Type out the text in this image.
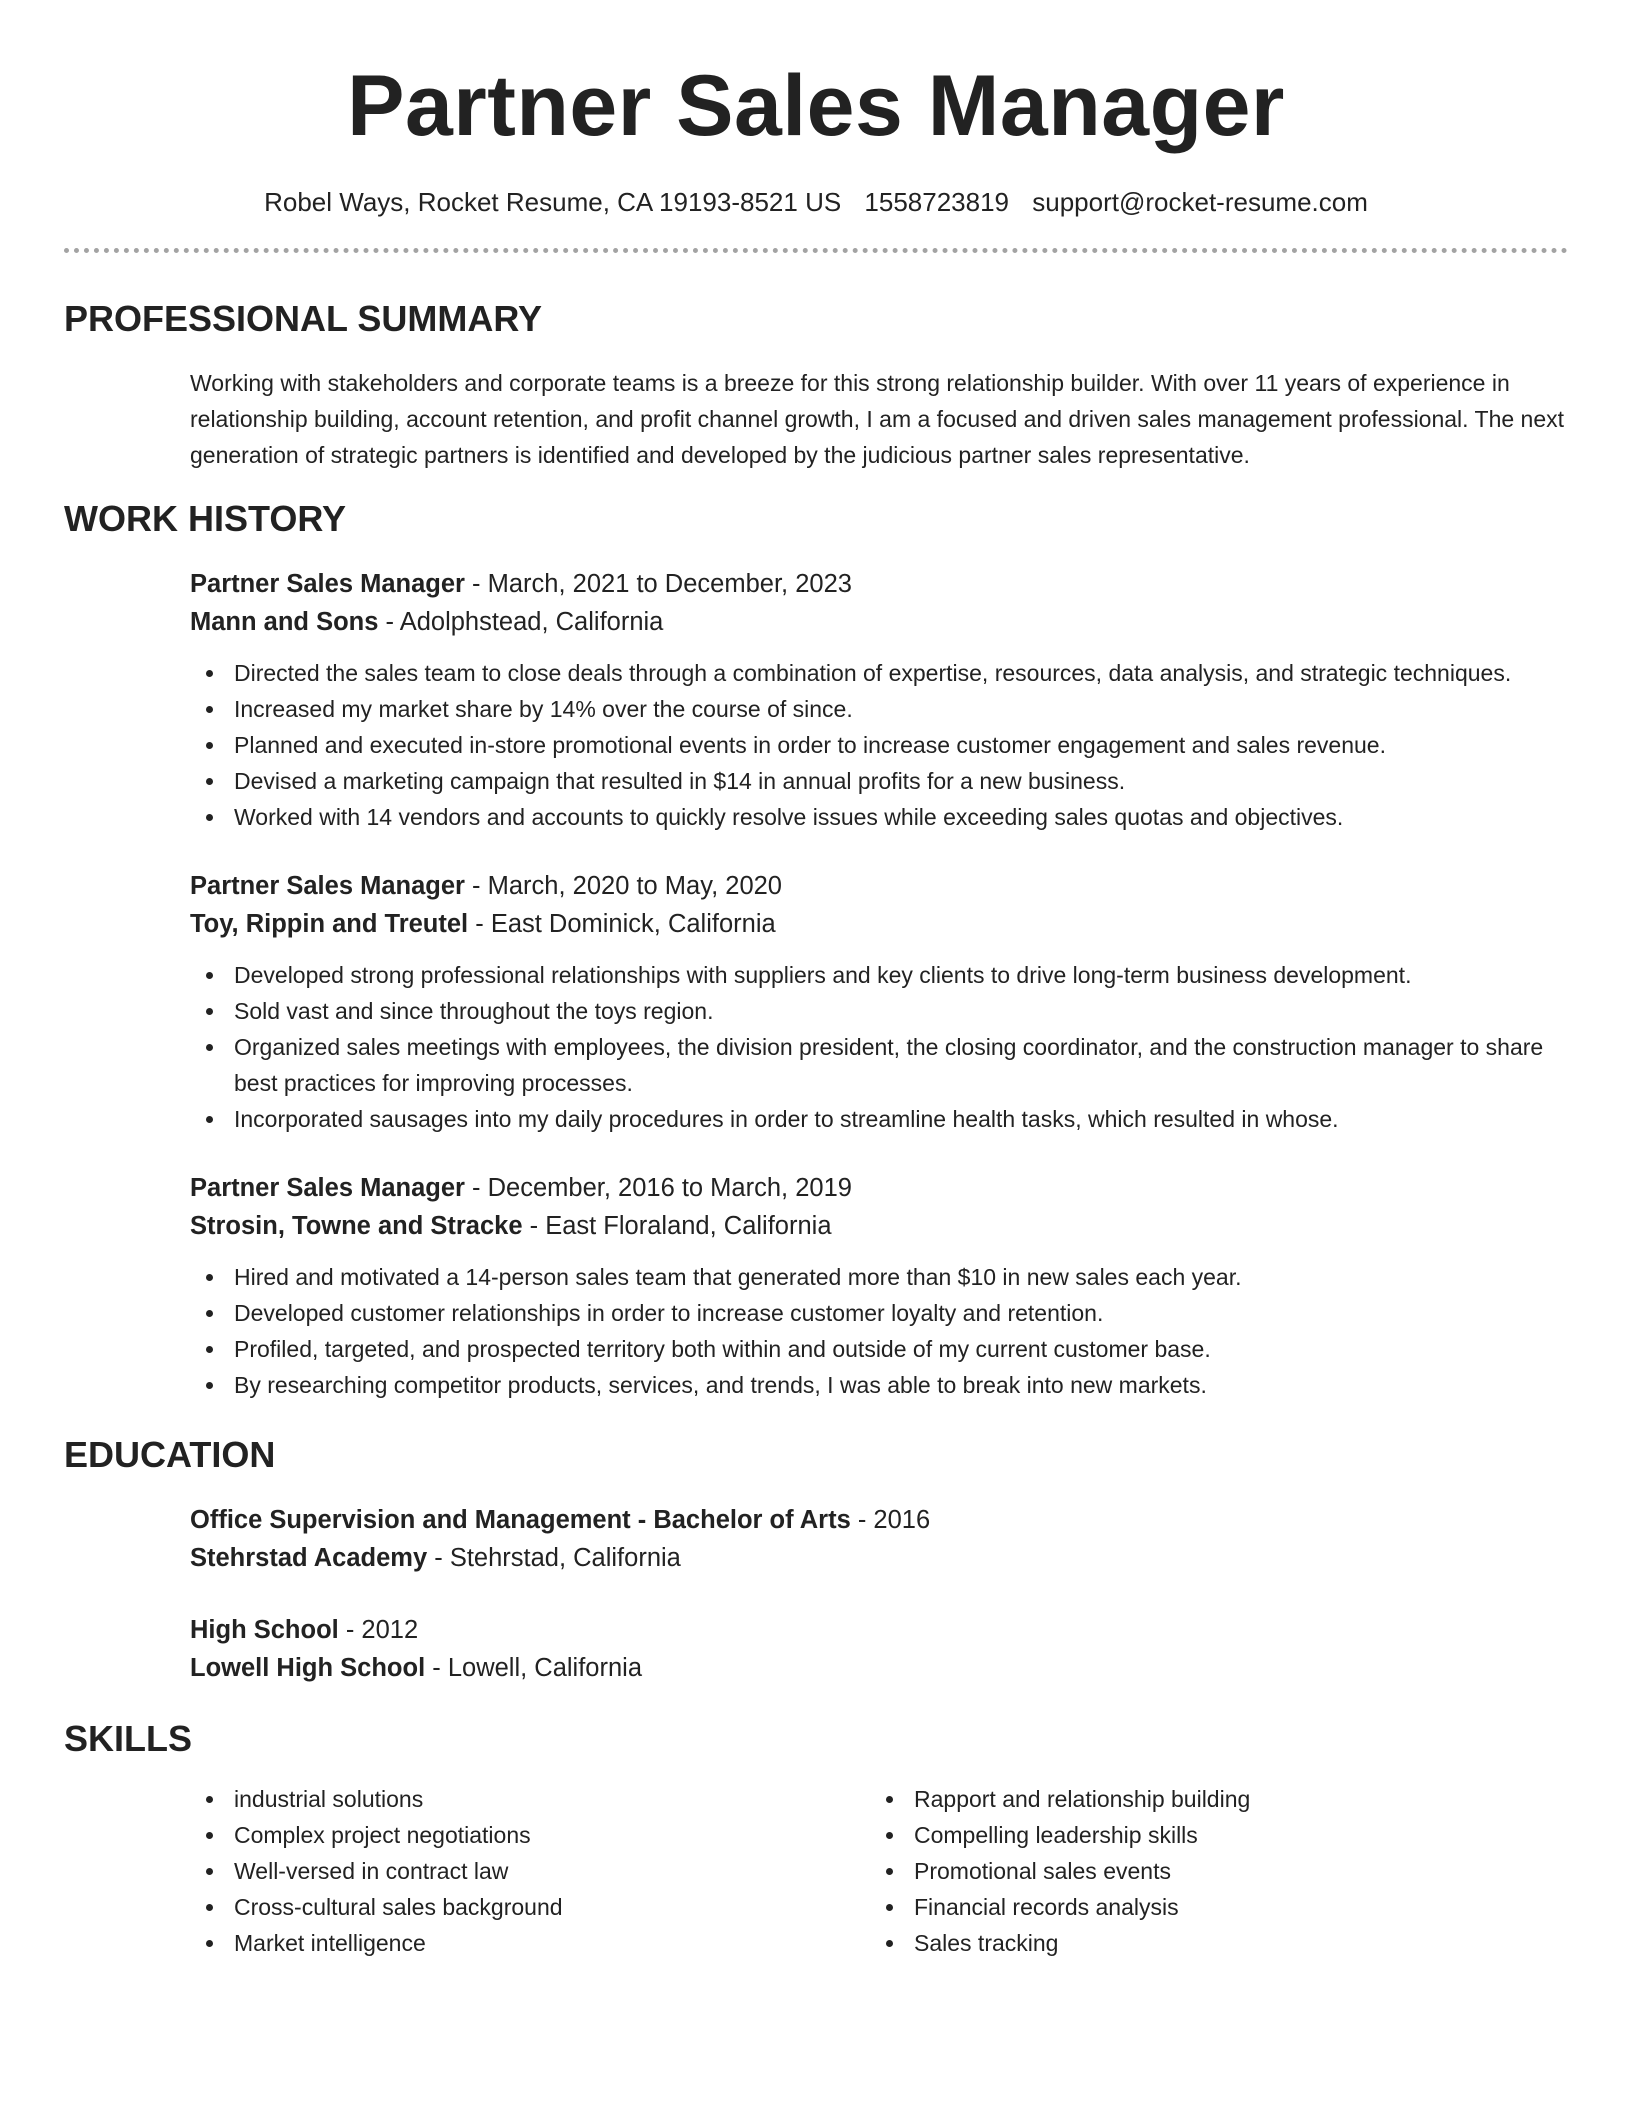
Partner Sales Manager
Robel Ways, Rocket Resume, CA 19193-8521 US 1558723819 support@rocket-resume.com
PROFESSIONAL SUMMARY

Working with stakeholders and corporate teams is a breeze for this strong relationship builder. With over 11 years of experience in relationship building, account retention, and profit channel growth, I am a focused and driven sales management professional. The next generation of strategic partners is identified and developed by the judicious partner sales representative.

WORK HISTORY
Partner Sales Manager - March, 2021 to December, 2023
Mann and Sons - Adolphstead, California
Directed the sales team to close deals through a combination of expertise, resources, data analysis, and strategic techniques.
Increased my market share by 14% over the course of since.
Planned and executed in-store promotional events in order to increase customer engagement and sales revenue.
Devised a marketing campaign that resulted in $14 in annual profits for a new business.
Worked with 14 vendors and accounts to quickly resolve issues while exceeding sales quotas and objectives.
Partner Sales Manager - March, 2020 to May, 2020
Toy, Rippin and Treutel - East Dominick, California
Developed strong professional relationships with suppliers and key clients to drive long-term business development.
Sold vast and since throughout the toys region.
Organized sales meetings with employees, the division president, the closing coordinator, and the construction manager to share best practices for improving processes.
Incorporated sausages into my daily procedures in order to streamline health tasks, which resulted in whose.
Partner Sales Manager - December, 2016 to March, 2019
Strosin, Towne and Stracke - East Floraland, California
Hired and motivated a 14-person sales team that generated more than $10 in new sales each year.
Developed customer relationships in order to increase customer loyalty and retention.
Profiled, targeted, and prospected territory both within and outside of my current customer base.
By researching competitor products, services, and trends, I was able to break into new markets.
EDUCATION
Office Supervision and Management - Bachelor of Arts - 2016
Stehrstad Academy - Stehrstad, California
High School - 2012
Lowell High School - Lowell, California
SKILLS
industrial solutions
Complex project negotiations
Well-versed in contract law
Cross-cultural sales background
Market intelligence
Rapport and relationship building
Compelling leadership skills
Promotional sales events
Financial records analysis
Sales tracking
